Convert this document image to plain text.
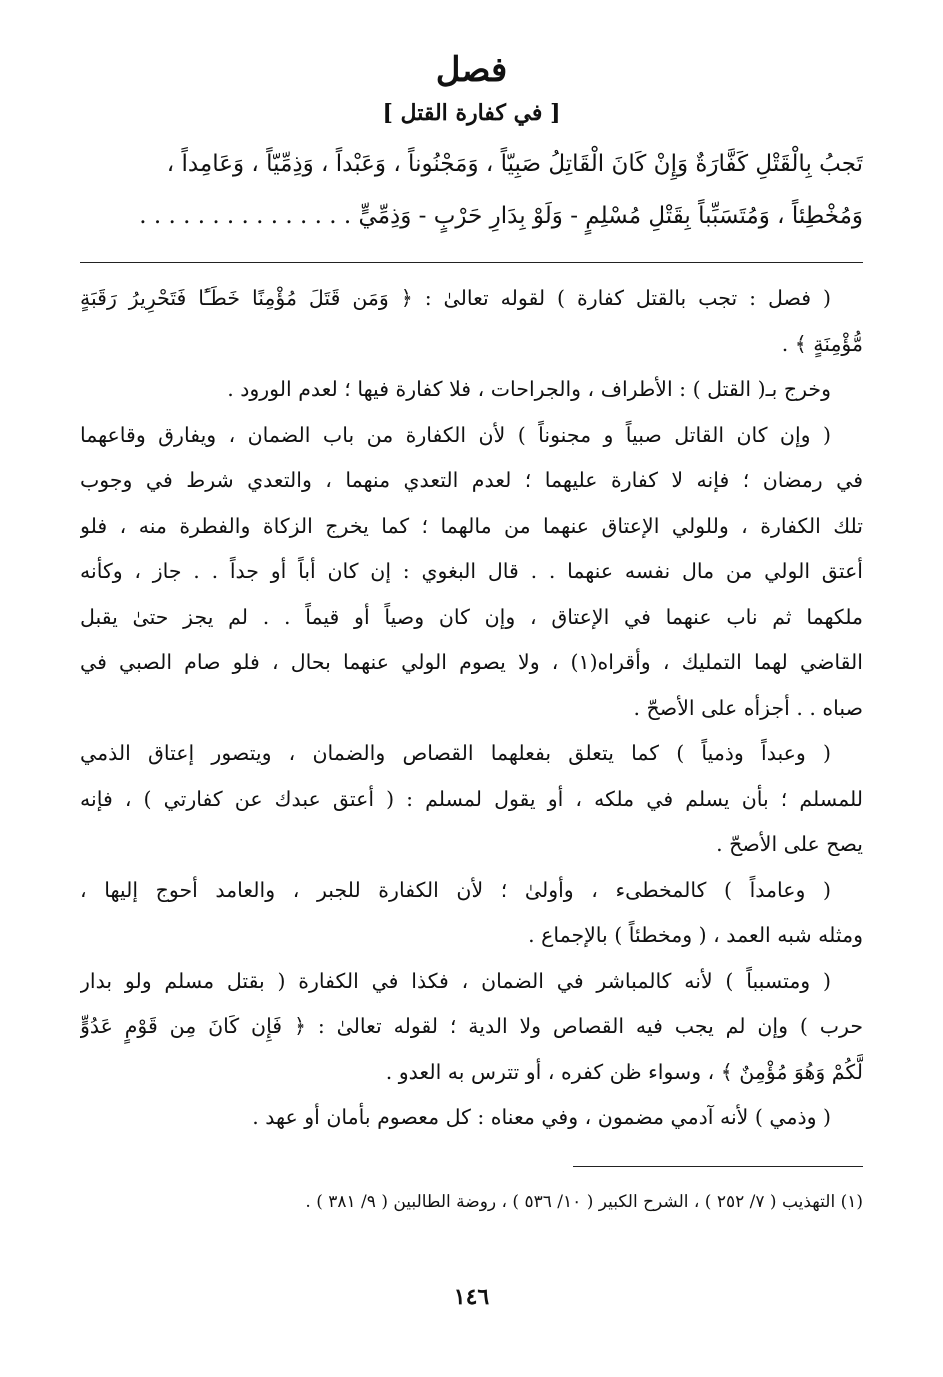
فصل
[ في كفارة القتل ]
تَجبُ بِالْقَتْلِ كَفَّارَةٌ وَإِنْ كَانَ الْقَاتِلُ صَبِيّاً ، وَمَجْنُوناً ، وَعَبْداً ، وَذِمِّيّاً ، وَعَامِداً ،
وَمُخْطِئاً ، وَمُتَسَبِّباً بِقَتْلِ مُسْلِمٍ - وَلَوْ بِدَارِ حَرْبٍ - وَذِمِّيٍّ . . . . . . . . . . . . . . .
( فصل : تجب بالقتل كفارة ) لقوله تعالىٰ : ﴿ وَمَن قَتَلَ مُؤْمِنًا خَطَـًٔا فَتَحْرِيرُ رَقَبَةٍ
مُّؤْمِنَةٍ ﴾ .
وخرج بـ( القتل ) : الأطراف ، والجراحات ، فلا كفارة فيها ؛ لعدم الورود .
( وإن كان القاتل صبياً و مجنوناً ) لأن الكفارة من باب الضمان ، ويفارق وقاعهما
في رمضان ؛ فإنه لا كفارة عليهما ؛ لعدم التعدي منهما ، والتعدي شرط في وجوب
تلك الكفارة ، وللولي الإعتاق عنهما من مالهما ؛ كما يخرج الزكاة والفطرة منه ، فلو
أعتق الولي من مال نفسه عنهما . . قال البغوي : إن كان أباً أو جداً . . جاز ، وكأنه
ملكهما ثم ناب عنهما في الإعتاق ، وإن كان وصياً أو قيماً . . لم يجز حتىٰ يقبل
القاضي لهما التمليك ، وأقراه(١) ، ولا يصوم الولي عنهما بحال ، فلو صام الصبي في
صباه . . أجزأه على الأصحّ .
( وعبداً وذمياً ) كما يتعلق بفعلهما القصاص والضمان ، ويتصور إعتاق الذمي
للمسلم ؛ بأن يسلم في ملكه ، أو يقول لمسلم : ( أعتق عبدك عن كفارتي ) ، فإنه
يصح على الأصحّ .
( وعامداً ) كالمخطىء ، وأولىٰ ؛ لأن الكفارة للجبر ، والعامد أحوج إليها ،
ومثله شبه العمد ، ( ومخطئاً ) بالإجماع .
( ومتسبباً ) لأنه كالمباشر في الضمان ، فكذا في الكفارة ( بقتل مسلم ولو بدار
حرب ) وإن لم يجب فيه القصاص ولا الدية ؛ لقوله تعالىٰ : ﴿ فَإِن كَانَ مِن قَوْمٍ عَدُوٍّ
لَّكُمْ وَهُوَ مُؤْمِنٌ ﴾ ، وسواء ظن كفره ، أو تترس به العدو .
( وذمي ) لأنه آدمي مضمون ، وفي معناه : كل معصوم بأمان أو عهد .
(١) التهذيب ( ٧/ ٢٥٢ ) ، الشرح الكبير ( ١٠/ ٥٣٦ ) ، روضة الطالبين ( ٩/ ٣٨١ ) .
١٤٦
